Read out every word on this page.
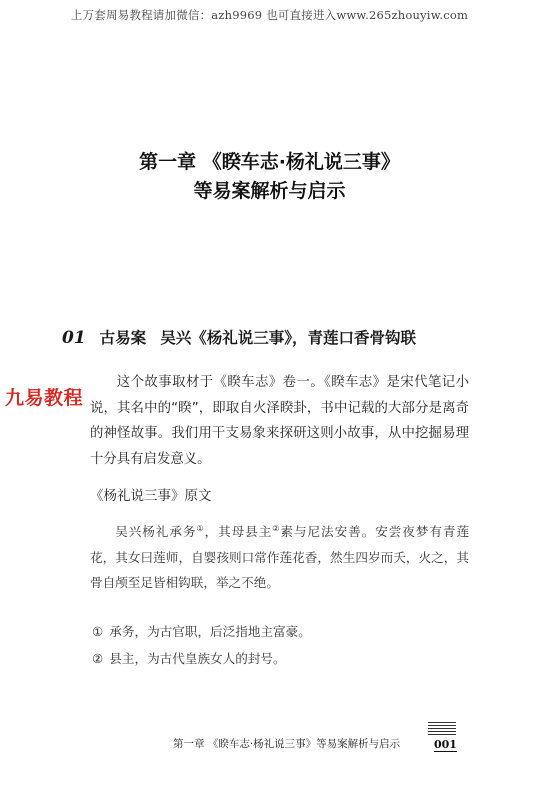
上万套周易教程请加微信：azh9969 也可直接进入www.265zhouyiw.com
第一章 《睽车志·杨礼说三事》
等易案解析与启示
01 古易案 吴兴《杨礼说三事》，青莲口香骨钩联
九易教程

这个故事取材于《睽车志》卷一。《睽车志》是宋代笔记小说，其名中的“睽”，即取自火泽睽卦，书中记载的大部分是离奇的神怪故事。我们用干支易象来探研这则小故事，从中挖掘易理十分具有启发意义。

《杨礼说三事》原文

吴兴杨礼承务①，其母县主②素与尼法安善。安尝夜梦有青莲花，其女曰莲师，自婴孩则口常作莲花香，然生四岁而夭，火之，其骨自颅至足皆相钩联，举之不绝。

① 承务，为古官职，后泛指地主富豪。
② 县主，为古代皇族女人的封号。
第一章 《睽车志·杨礼说三事》等易案解析与启示	001
